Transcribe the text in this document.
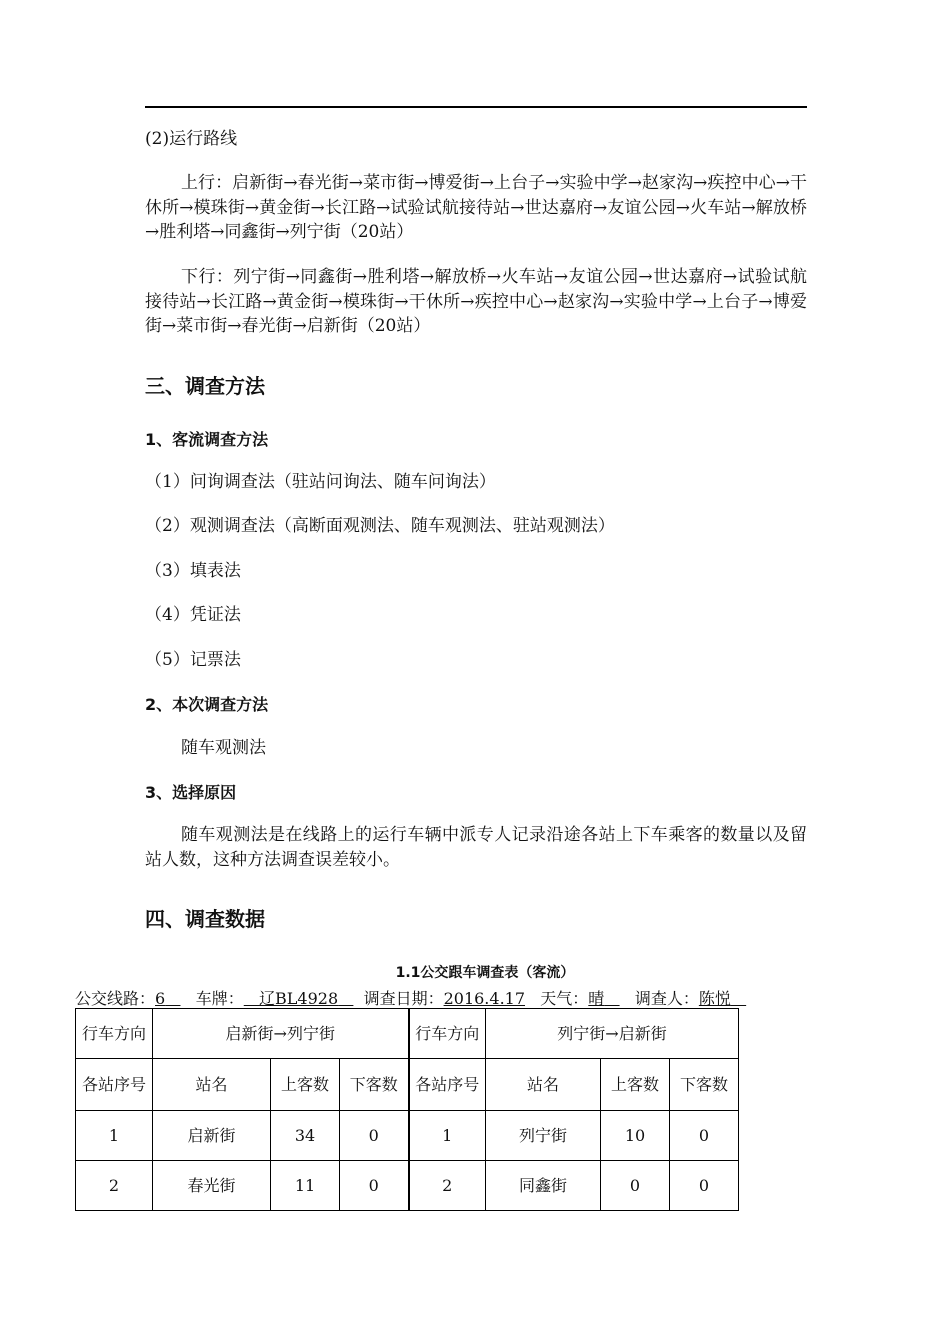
(2)运行路线
上行：启新街→春光街→菜市街→博爱街→上台子→实验中学→赵家沟→疾控中心→干休所→模珠街→黄金街→长江路→试验试航接待站→世达嘉府→友谊公园→火车站→解放桥→胜利塔→同鑫街→列宁街（20站）
下行：列宁街→同鑫街→胜利塔→解放桥→火车站→友谊公园→世达嘉府→试验试航接待站→长江路→黄金街→模珠街→干休所→疾控中心→赵家沟→实验中学→上台子→博爱街→菜市街→春光街→启新街（20站）
三、调查方法
1、客流调查方法
（1）问询调查法（驻站问询法、随车问询法）
（2）观测调查法（高断面观测法、随车观测法、驻站观测法）
（3）填表法
（4）凭证法
（5）记票法
2、本次调查方法
随车观测法
3、选择原因
随车观测法是在线路上的运行车辆中派专人记录沿途各站上下车乘客的数量以及留站人数，这种方法调查误差较小。
四、调查数据
1.1公交跟车调查表（客流）
公交线路：6 车牌： 辽BL4928 调查日期：2016.4.17 天气：晴 调查人：陈悦
行车方向	启新街→列宁街			行车方向	列宁街→启新街		
各站序号	站名	上客数	下客数	各站序号	站名	上客数	下客数
1	启新街	34	0	1	列宁街	10	0
2	春光街	11	0	2	同鑫街	0	0
